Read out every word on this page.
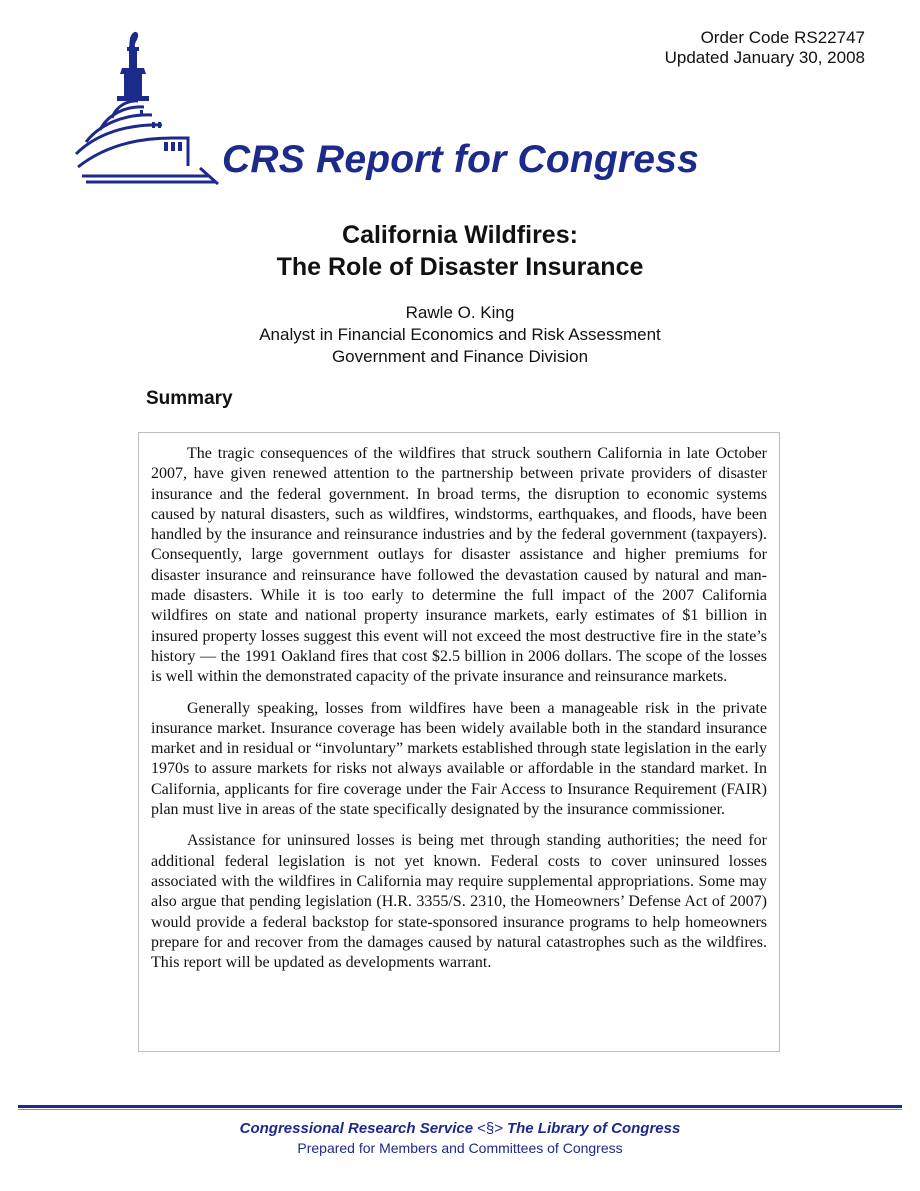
Order Code RS22747
Updated January 30, 2008
CRS Report for Congress
California Wildfires:
The Role of Disaster Insurance
Rawle O. King
Analyst in Financial Economics and Risk Assessment
Government and Finance Division
Summary

The tragic consequences of the wildfires that struck southern California in late October 2007, have given renewed attention to the partnership between private providers of disaster insurance and the federal government. In broad terms, the disruption to economic systems caused by natural disasters, such as wildfires, windstorms, earthquakes, and floods, have been handled by the insurance and reinsurance industries and by the federal government (taxpayers). Consequently, large government outlays for disaster assistance and higher premiums for disaster insurance and reinsurance have followed the devastation caused by natural and man-made disasters. While it is too early to determine the full impact of the 2007 California wildfires on state and national property insurance markets, early estimates of $1 billion in insured property losses suggest this event will not exceed the most destructive fire in the state’s history — the 1991 Oakland fires that cost $2.5 billion in 2006 dollars. The scope of the losses is well within the demonstrated capacity of the private insurance and reinsurance markets.

Generally speaking, losses from wildfires have been a manageable risk in the private insurance market. Insurance coverage has been widely available both in the standard insurance market and in residual or “involuntary” markets established through state legislation in the early 1970s to assure markets for risks not always available or affordable in the standard market. In California, applicants for fire coverage under the Fair Access to Insurance Requirement (FAIR) plan must live in areas of the state specifically designated by the insurance commissioner.

Assistance for uninsured losses is being met through standing authorities; the need for additional federal legislation is not yet known. Federal costs to cover uninsured losses associated with the wildfires in California may require supplemental appropriations. Some may also argue that pending legislation (H.R. 3355/S. 2310, the Homeowners’ Defense Act of 2007) would provide a federal backstop for state-sponsored insurance programs to help homeowners prepare for and recover from the damages caused by natural catastrophes such as the wildfires. This report will be updated as developments warrant.

Congressional Research Service <§> The Library of Congress
Prepared for Members and Committees of Congress
